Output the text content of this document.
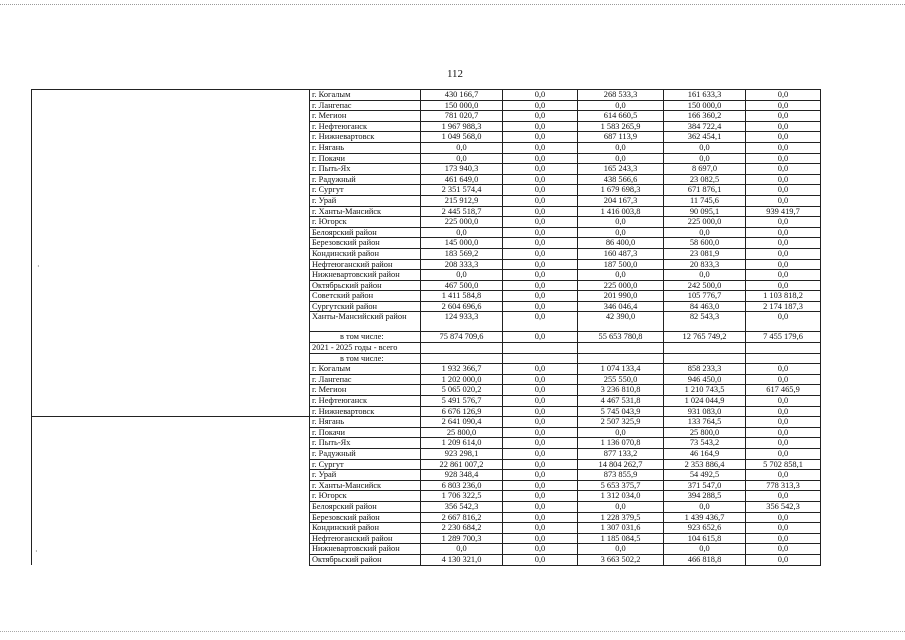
112
	г. Когалым	430 166,7	0,0	268 533,3	161 633,3	0,0
	г. Лангепас	150 000,0	0,0	0,0	150 000,0	0,0
	г. Мегион	781 020,7	0,0	614 660,5	166 360,2	0,0
	г. Нефтеюганск	1 967 988,3	0,0	1 583 265,9	384 722,4	0,0
	г. Нижневартовск	1 049 568,0	0,0	687 113,9	362 454,1	0,0
	г. Нягань	0,0	0,0	0,0	0,0	0,0
	г. Покачи	0,0	0,0	0,0	0,0	0,0
	г. Пыть-Ях	173 940,3	0,0	165 243,3	8 697,0	0,0
	г. Радужный	461 649,0	0,0	438 566,6	23 082,5	0,0
	г. Сургут	2 351 574,4	0,0	1 679 698,3	671 876,1	0,0
	г. Урай	215 912,9	0,0	204 167,3	11 745,6	0,0
	г. Ханты-Мансийск	2 445 518,7	0,0	1 416 003,8	90 095,1	939 419,7
	г. Югорск	225 000,0	0,0	0,0	225 000,0	0,0
	Белоярский район	0,0	0,0	0,0	0,0	0,0
	Березовский район	145 000,0	0,0	86 400,0	58 600,0	0,0
	Кондинский район	183 569,2	0,0	160 487,3	23 081,9	0,0
	Нефтеюганский район	208 333,3	0,0	187 500,0	20 833,3	0,0
	Нижневартовский район	0,0	0,0	0,0	0,0	0,0
	Октябрьский район	467 500,0	0,0	225 000,0	242 500,0	0,0
	Советский район	1 411 584,8	0,0	201 990,0	105 776,7	1 103 818,2
	Сургутский район	2 604 696,6	0,0	346 046,4	84 463,0	2 174 187,3
	Ханты-Мансийский район	124 933,3	0,0	42 390,0	82 543,3	0,0
	в том числе:	75 874 709,6	0,0	55 653 780,8	12 765 749,2	7 455 179,6
	2021 - 2025 годы - всего					
	в том числе:					
	г. Когалым	1 932 366,7	0,0	1 074 133,4	858 233,3	0,0
	г. Лангепас	1 202 000,0	0,0	255 550,0	946 450,0	0,0
	г. Мегион	5 065 020,2	0,0	3 236 810,8	1 210 743,5	617 465,9
	г. Нефтеюганск	5 491 576,7	0,0	4 467 531,8	1 024 044,9	0,0
	г. Нижневартовск	6 676 126,9	0,0	5 745 043,9	931 083,0	0,0
	г. Нягань	2 641 090,4	0,0	2 507 325,9	133 764,5	0,0
	г. Покачи	25 800,0	0,0	0,0	25 800,0	0,0
	г. Пыть-Ях	1 209 614,0	0,0	1 136 070,8	73 543,2	0,0
	г. Радужный	923 298,1	0,0	877 133,2	46 164,9	0,0
	г. Сургут	22 861 007,2	0,0	14 804 262,7	2 353 886,4	5 702 858,1
	г. Урай	928 348,4	0,0	873 855,9	54 492,5	0,0
	г. Ханты-Мансийск	6 803 236,0	0,0	5 653 375,7	371 547,0	778 313,3
	г. Югорск	1 706 322,5	0,0	1 312 034,0	394 288,5	0,0
	Белоярский район	356 542,3	0,0	0,0	0,0	356 542,3
	Березовский район	2 667 816,2	0,0	1 228 379,5	1 439 436,7	0,0
	Кондинский район	2 230 684,2	0,0	1 307 031,6	923 652,6	0,0
	Нефтеюганский район	1 289 700,3	0,0	1 185 084,5	104 615,8	0,0
	Нижневартовский район	0,0	0,0	0,0	0,0	0,0
	Октябрьский район	4 130 321,0	0,0	3 663 502,2	466 818,8	0,0
·
·
